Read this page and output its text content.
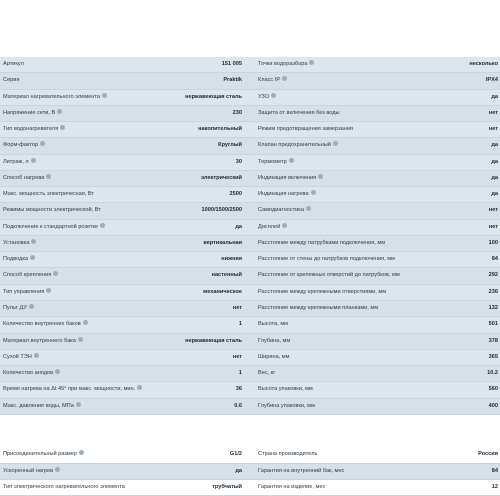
Артикул	151 005
Серия	Praktik
Материал нагревательного элемента	нержавеющая сталь
Напряжение сети, В	230
Тип водонагревателя	накопительный
Форм-фактор	Круглый
Литраж, л	30
Способ нагрева	электрический
Макс. мощность электрическая, Вт	2500
Режимы мощности электрической, Вт	1000/1500/2500
Подключение к стандартной розетке	да
Установка	вертикальная
Подводка	нижняя
Способ крепления	настенный
Тип управления	механическое
Пульт ДУ	нет
Количество внутренних баков	1
Материал внутреннего бака	нержавеющая сталь
Сухой ТЭН	нет
Количество анодов	1
Время нагрева на Δt 45° при макс. мощности, мин.	36
Макс. давление воды, МПа	0.6
Присоединительный размер	G1/2
Ускоренный нагрев	да
Тип электрического нагревательного элемента	трубчатый
Точки водоразбора	несколько
Класс IP	IPX4
УЗО	да
Защита от включения без воды	нет
Режим предотвращения замерзания	нет
Клапан предохранительный	да
Термометр	да
Индикация включения	да
Индикация нагрева	да
Самодиагностика	нет
Дисплей	нет
Расстояние между патрубками подключения, мм	100
Расстояние от стены до патрубков подключения, мм	84
Расстояние от крепежных отверстий до патрубков, мм	292
Расстояние между крепежными отверстиями, мм	236
Расстояние между крепежными планками, мм	132
Высота, мм	501
Глубина, мм	378
Ширина, мм	365
Вес, кг	10.2
Высота упаковки, мм	560
Глубина упаковки, мм	400
Страна производитель	Россия
Гарантия на внутренний бак, мес	84
Гарантия на изделие, мес	12
